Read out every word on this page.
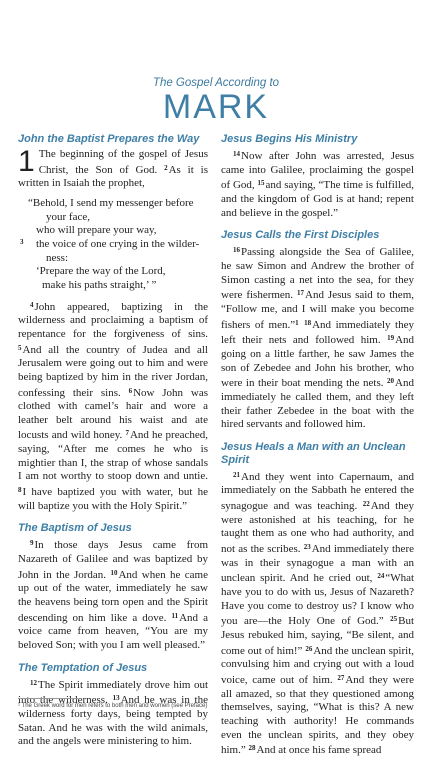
The Gospel According to
MARK
John the Baptist Prepares the Way

1 The beginning of the gospel of Jesus Christ, the Son of God. $^2$As it is written in Isaiah the prophet,

“Behold, I send my messenger before
your face,
who will prepare your way,
3 the voice of one crying in the wilder-
ness:
‘Prepare the way of the Lord,
make his paths straight,’ ”

$^4$John appeared, baptizing in the wilderness and proclaiming a baptism of repentance for the forgiveness of sins. $^5$And all the country of Judea and all Jerusalem were going out to him and were being baptized by him in the river Jordan, confessing their sins. $^6$Now John was clothed with camel’s hair and wore a leather belt around his waist and ate locusts and wild honey. $^7$And he preached, saying, “After me comes he who is mightier than I, the strap of whose sandals I am not worthy to stoop down and untie. $^8$I have baptized you with water, but he will baptize you with the Holy Spirit.”

The Baptism of Jesus

$^9$In those days Jesus came from Nazareth of Galilee and was baptized by John in the Jordan. $^{10}$And when he came up out of the water, immediately he saw the heavens being torn open and the Spirit descending on him like a dove. $^{11}$And a voice came from heaven, “You are my beloved Son; with you I am well pleased.”

The Temptation of Jesus

$^{12}$The Spirit immediately drove him out into the wilderness. $^{13}$And he was in the wilderness forty days, being tempted by Satan. And he was with the wild animals, and the angels were ministering to him.

Jesus Begins His Ministry

$^{14}$Now after John was arrested, Jesus came into Galilee, proclaiming the gospel of God, $^{15}$and saying, “The time is fulfilled, and the kingdom of God is at hand; repent and believe in the gospel.”

Jesus Calls the First Disciples

$^{16}$Passing alongside the Sea of Galilee, he saw Simon and Andrew the brother of Simon casting a net into the sea, for they were fishermen. $^{17}$And Jesus said to them, “Follow me, and I will make you become fishers of men.”$^1$ $^{18}$And immediately they left their nets and followed him. $^{19}$And going on a little farther, he saw James the son of Zebedee and John his brother, who were in their boat mending the nets. $^{20}$And immediately he called them, and they left their father Zebedee in the boat with the hired servants and followed him.

Jesus Heals a Man with an Unclean Spirit

$^{21}$And they went into Capernaum, and immediately on the Sabbath he entered the synagogue and was teaching. $^{22}$And they were astonished at his teaching, for he taught them as one who had authority, and not as the scribes. $^{23}$And immediately there was in their synagogue a man with an unclean spirit. And he cried out, $^{24}$“What have you to do with us, Jesus of Nazareth? Have you come to destroy us? I know who you are—the Holy One of God.” $^{25}$But Jesus rebuked him, saying, “Be silent, and come out of him!” $^{26}$And the unclean spirit, convulsing him and crying out with a loud voice, came out of him. $^{27}$And they were all amazed, so that they questioned among themselves, saying, “What is this? A new teaching with authority! He commands even the unclean spirits, and they obey him.” $^{28}$And at once his fame spread

¹ The Greek word for men refers to both men and women (see Preface)
